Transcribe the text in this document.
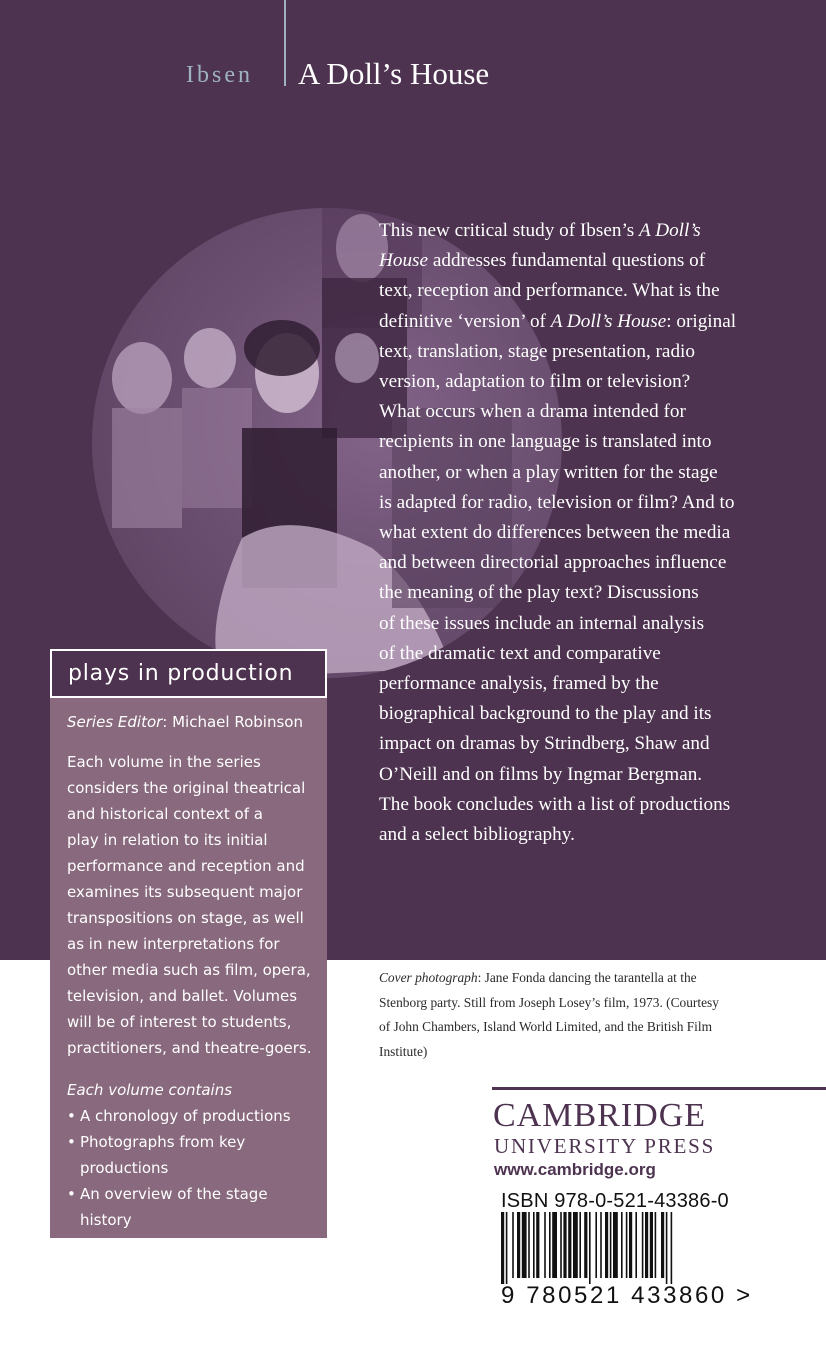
Ibsen A Doll’s House
This new critical study of Ibsen’s A Doll’s
House addresses fundamental questions of
text, reception and performance. What is the
definitive ‘version’ of A Doll’s House: original
text, translation, stage presentation, radio
version, adaptation to film or television?
What occurs when a drama intended for
recipients in one language is translated into
another, or when a play written for the stage
is adapted for radio, television or film? And to
what extent do differences between the media
and between directorial approaches influence
the meaning of the play text? Discussions
of these issues include an internal analysis
of the dramatic text and comparative
performance analysis, framed by the
biographical background to the play and its
impact on dramas by Strindberg, Shaw and
O’Neill and on films by Ingmar Bergman.
The book concludes with a list of productions
and a select bibliography.
plays in production

Series Editor: Michael Robinson

Each volume in the series
considers the original theatrical
and historical context of a
play in relation to its initial
performance and reception and
examines its subsequent major
transpositions on stage, as well
as in new interpretations for
other media such as film, opera,
television, and ballet. Volumes
will be of interest to students,
practitioners, and theatre-goers.

Each volume contains

• A chronology of productions
• Photographs from key
productions
• An overview of the stage
history
Cover photograph: Jane Fonda dancing the tarantella at the
Stenborg party. Still from Joseph Losey’s film, 1973. (Courtesy
of John Chambers, Island World Limited, and the British Film
Institute)
CAMBRIDGE
UNIVERSITY PRESS
www.cambridge.org
ISBN 978-0-521-43386-0
9 780521 433860 >
